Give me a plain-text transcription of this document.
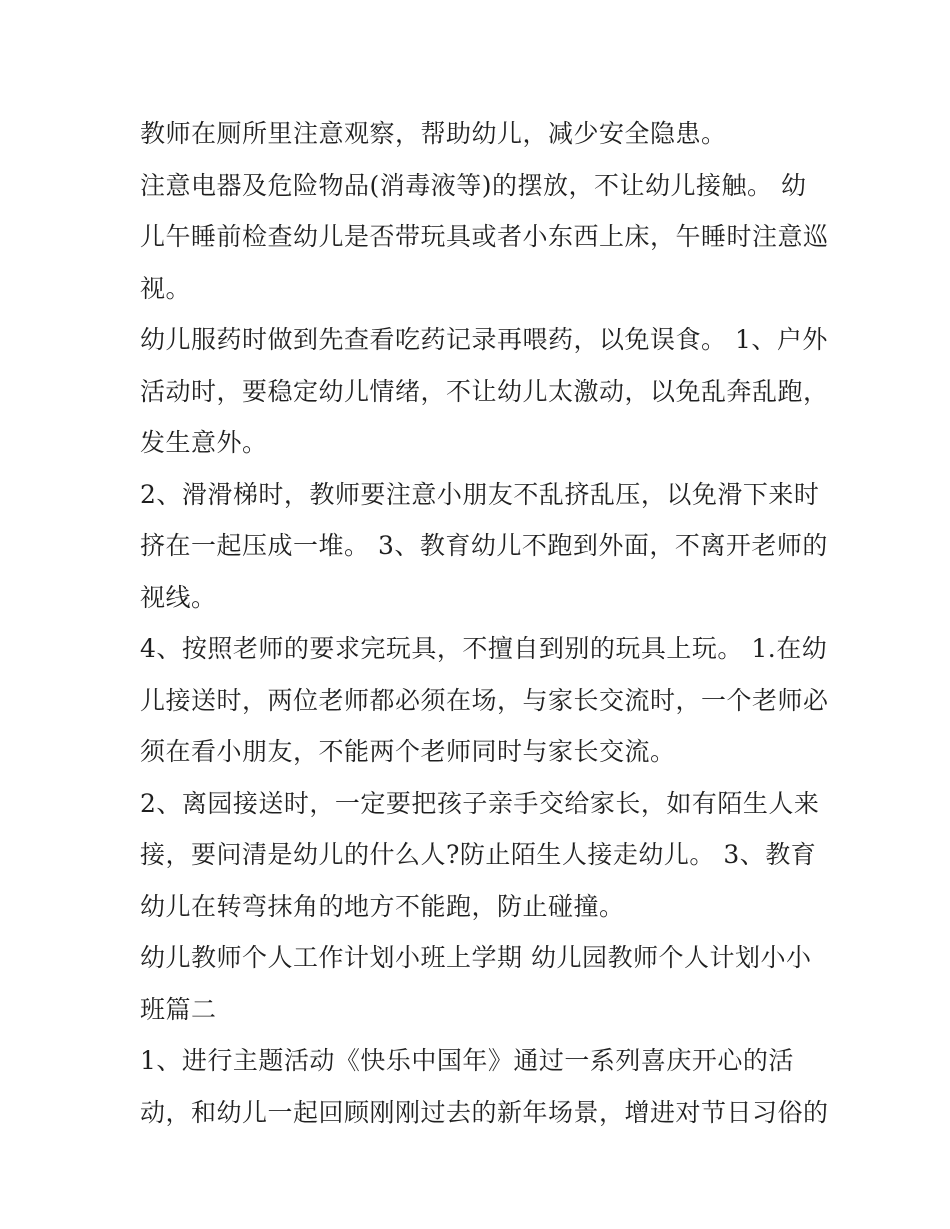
教师在厕所里注意观察，帮助幼儿，减少安全隐患。

注意电器及危险物品(消毒液等)的摆放，不让幼儿接触。 幼
儿午睡前检查幼儿是否带玩具或者小东西上床，午睡时注意巡
视。

幼儿服药时做到先查看吃药记录再喂药，以免误食。 1、户外
活动时，要稳定幼儿情绪，不让幼儿太激动，以免乱奔乱跑，
发生意外。

2、滑滑梯时，教师要注意小朋友不乱挤乱压，以免滑下来时
挤在一起压成一堆。 3、教育幼儿不跑到外面，不离开老师的
视线。

4、按照老师的要求完玩具，不擅自到别的玩具上玩。 1.在幼
儿接送时，两位老师都必须在场，与家长交流时，一个老师必
须在看小朋友，不能两个老师同时与家长交流。

2、离园接送时，一定要把孩子亲手交给家长，如有陌生人来
接，要问清是幼儿的什么人?防止陌生人接走幼儿。 3、教育
幼儿在转弯抹角的地方不能跑，防止碰撞。

幼儿教师个人工作计划小班上学期 幼儿园教师个人计划小小
班篇二

1、进行主题活动《快乐中国年》通过一系列喜庆开心的活
动，和幼儿一起回顾刚刚过去的新年场景，增进对节日习俗的
